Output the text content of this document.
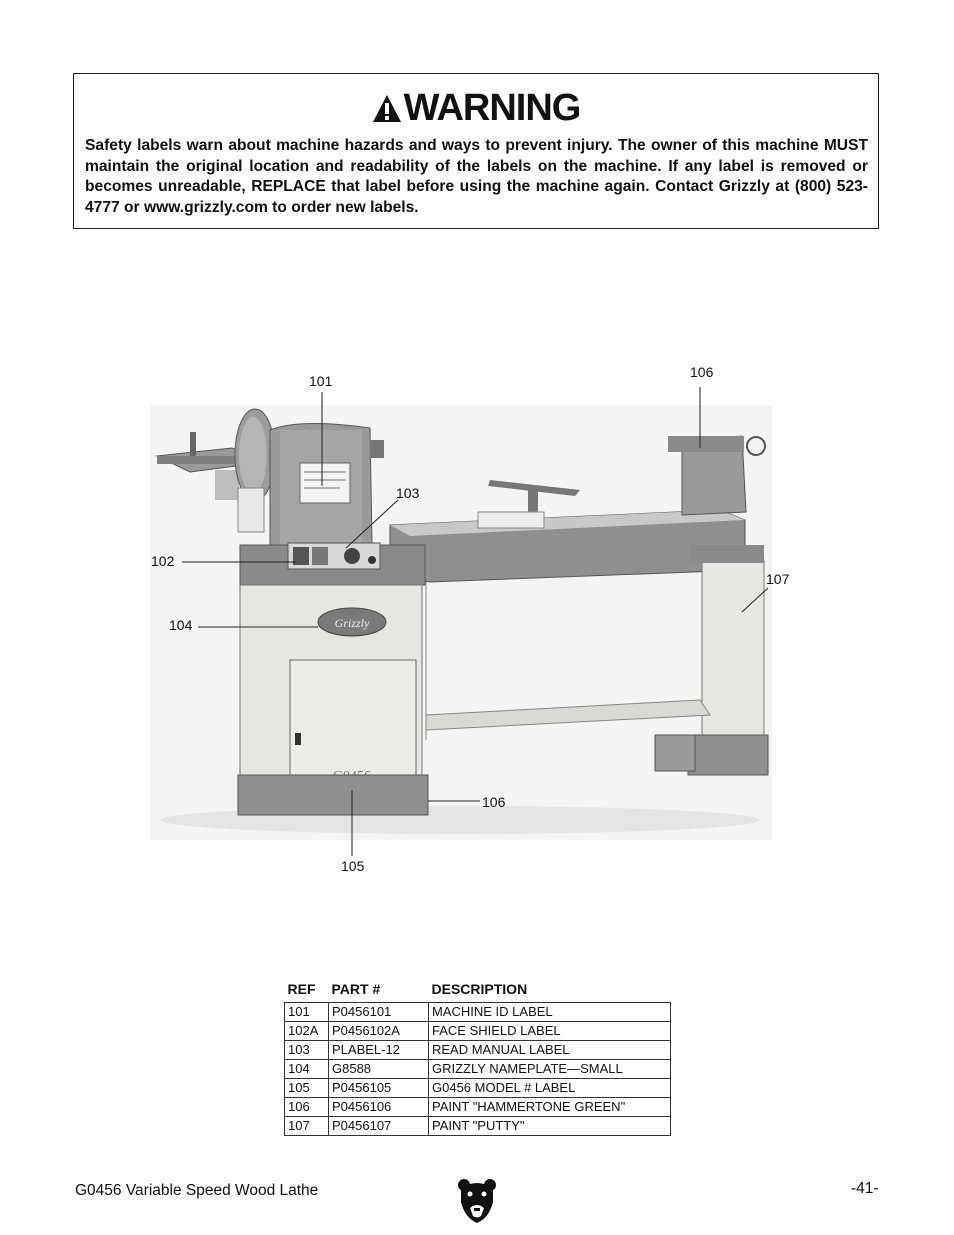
WARNING
Safety labels warn about machine hazards and ways to prevent injury. The owner of this machine MUST maintain the original location and readability of the labels on the machine. If any label is removed or becomes unreadable, REPLACE that label before using the machine again. Contact Grizzly at (800) 523-4777 or www.grizzly.com to order new labels.
Grizzly
101
102
103
104
105
106
106
107
REF	PART #	DESCRIPTION
101	P0456101	MACHINE ID LABEL
102A	P0456102A	FACE SHIELD LABEL
103	PLABEL-12	READ MANUAL LABEL
104	G8588	GRIZZLY NAMEPLATE—SMALL
105	P0456105	G0456 MODEL # LABEL
106	P0456106	PAINT "HAMMERTONE GREEN"
107	P0456107	PAINT "PUTTY"
G0456 Variable Speed Wood Lathe	-41-
